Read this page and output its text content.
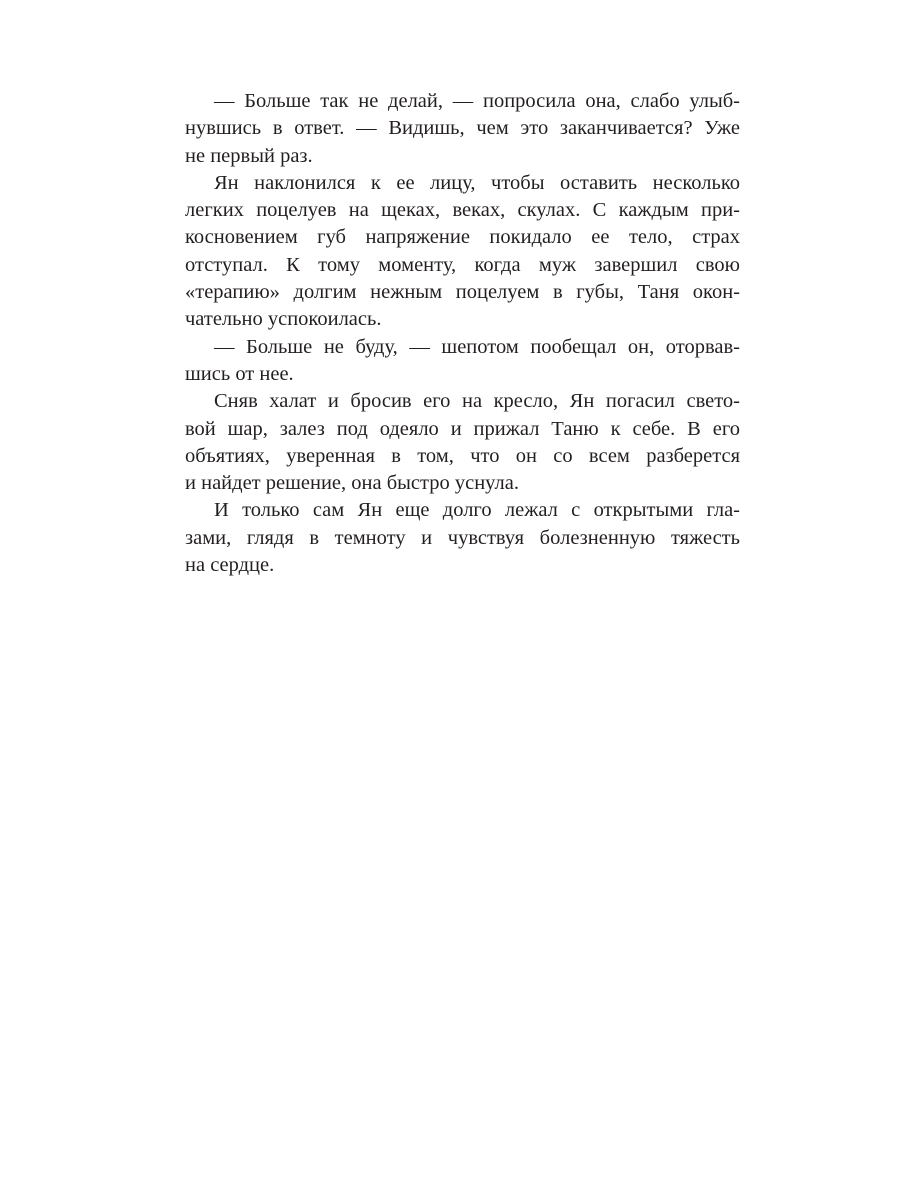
— Больше так не делай, — попросила она, слабо улыб-
нувшись в ответ. — Видишь, чем это заканчивается? Уже
не первый раз.
Ян наклонился к ее лицу, чтобы оставить несколько
легких поцелуев на щеках, веках, скулах. С каждым при-
косновением губ напряжение покидало ее тело, страх
отступал. К тому моменту, когда муж завершил свою
«терапию» долгим нежным поцелуем в губы, Таня окон-
чательно успокоилась.
— Больше не буду, — шепотом пообещал он, оторвав-
шись от нее.
Сняв халат и бросив его на кресло, Ян погасил свето-
вой шар, залез под одеяло и прижал Таню к себе. В его
объятиях, уверенная в том, что он со всем разберется
и найдет решение, она быстро уснула.
И только сам Ян еще долго лежал с открытыми гла-
зами, глядя в темноту и чувствуя болезненную тяжесть
на сердце.
